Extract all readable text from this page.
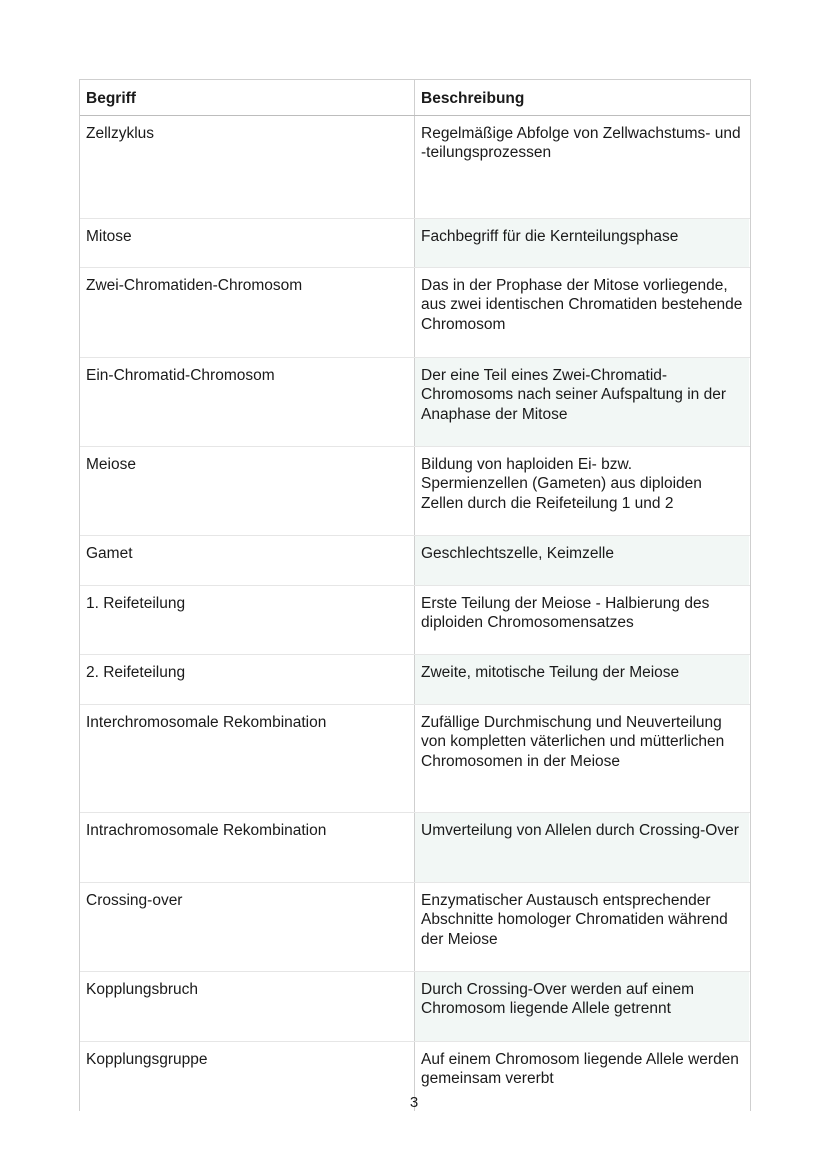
Begriff	Beschreibung
Zellzyklus	Regelmäßige Abfolge von Zellwachstums- und -teilungsprozessen
Mitose	Fachbegriff für die Kernteilungsphase
Zwei-Chromatiden-Chromosom	Das in der Prophase der Mitose vorliegende, aus zwei identischen Chromatiden bestehende Chromosom
Ein-Chromatid-Chromosom	Der eine Teil eines Zwei-Chromatid-Chromosoms nach seiner Aufspaltung in der Anaphase der Mitose
Meiose	Bildung von haploiden Ei- bzw. Spermienzellen (Gameten) aus diploiden Zellen durch die Reifeteilung 1 und 2
Gamet	Geschlechtszelle, Keimzelle
1. Reifeteilung	Erste Teilung der Meiose - Halbierung des diploiden Chromosomensatzes
2. Reifeteilung	Zweite, mitotische Teilung der Meiose
Interchromosomale Rekombination	Zufällige Durchmischung und Neuverteilung von kompletten väterlichen und mütterlichen Chromosomen in der Meiose
Intrachromosomale Rekombination	Umverteilung von Allelen durch Crossing-Over
Crossing-over	Enzymatischer Austausch entsprechender Abschnitte homologer Chromatiden während der Meiose
Kopplungsbruch	Durch Crossing-Over werden auf einem Chromosom liegende Allele getrennt
Kopplungsgruppe	Auf einem Chromosom liegende Allele werden gemeinsam vererbt
3
